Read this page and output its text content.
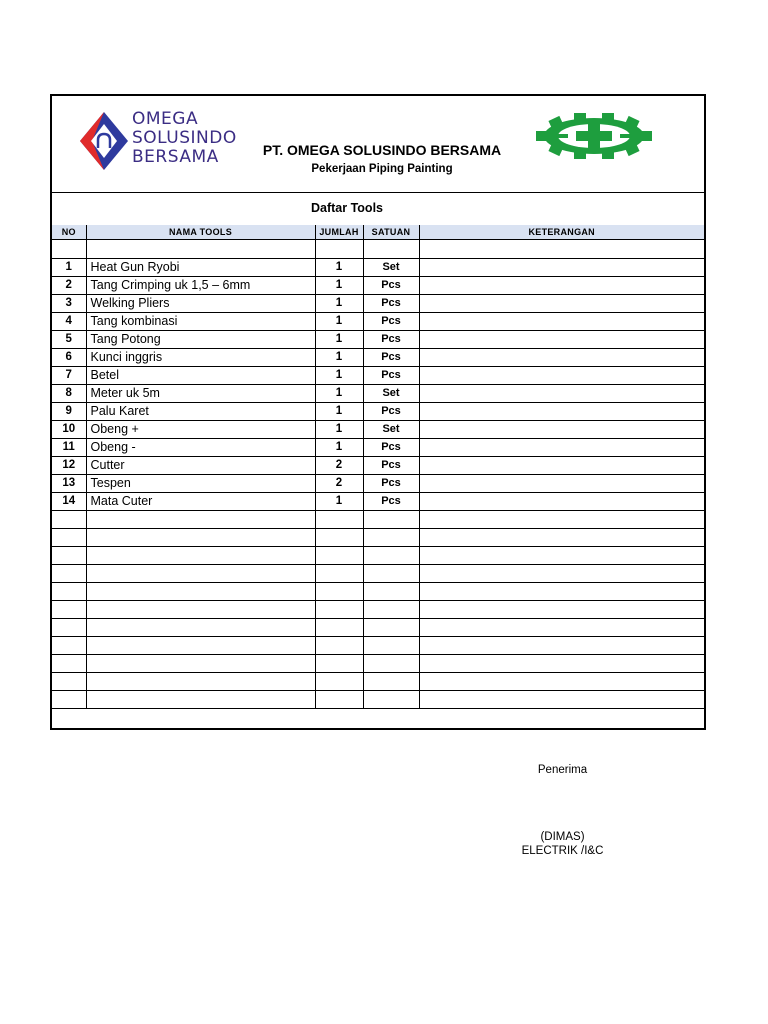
OMEGA
SOLUSINDO
BERSAMA	PT. OMEGA SOLUSINDO BERSAMA
Pekerjaan Piping Painting
Daftar Tools
NO	NAMA TOOLS	JUMLAH	SATUAN	KETERANGAN

1	Heat Gun Ryobi	1	Set	
2	Tang Crimping uk 1,5 – 6mm	1	Pcs	
3	Welking Pliers	1	Pcs	
4	Tang kombinasi	1	Pcs	
5	Tang Potong	1	Pcs	
6	Kunci inggris	1	Pcs	
7	Betel	1	Pcs	
8	Meter uk 5m	1	Set	
9	Palu Karet	1	Pcs	
10	Obeng +	1	Set	
11	Obeng -	1	Pcs	
12	Cutter	2	Pcs	
13	Tespen	2	Pcs	
14	Mata Cuter	1	Pcs	

Penerima
(DIMAS)
ELECTRIK /I&C
